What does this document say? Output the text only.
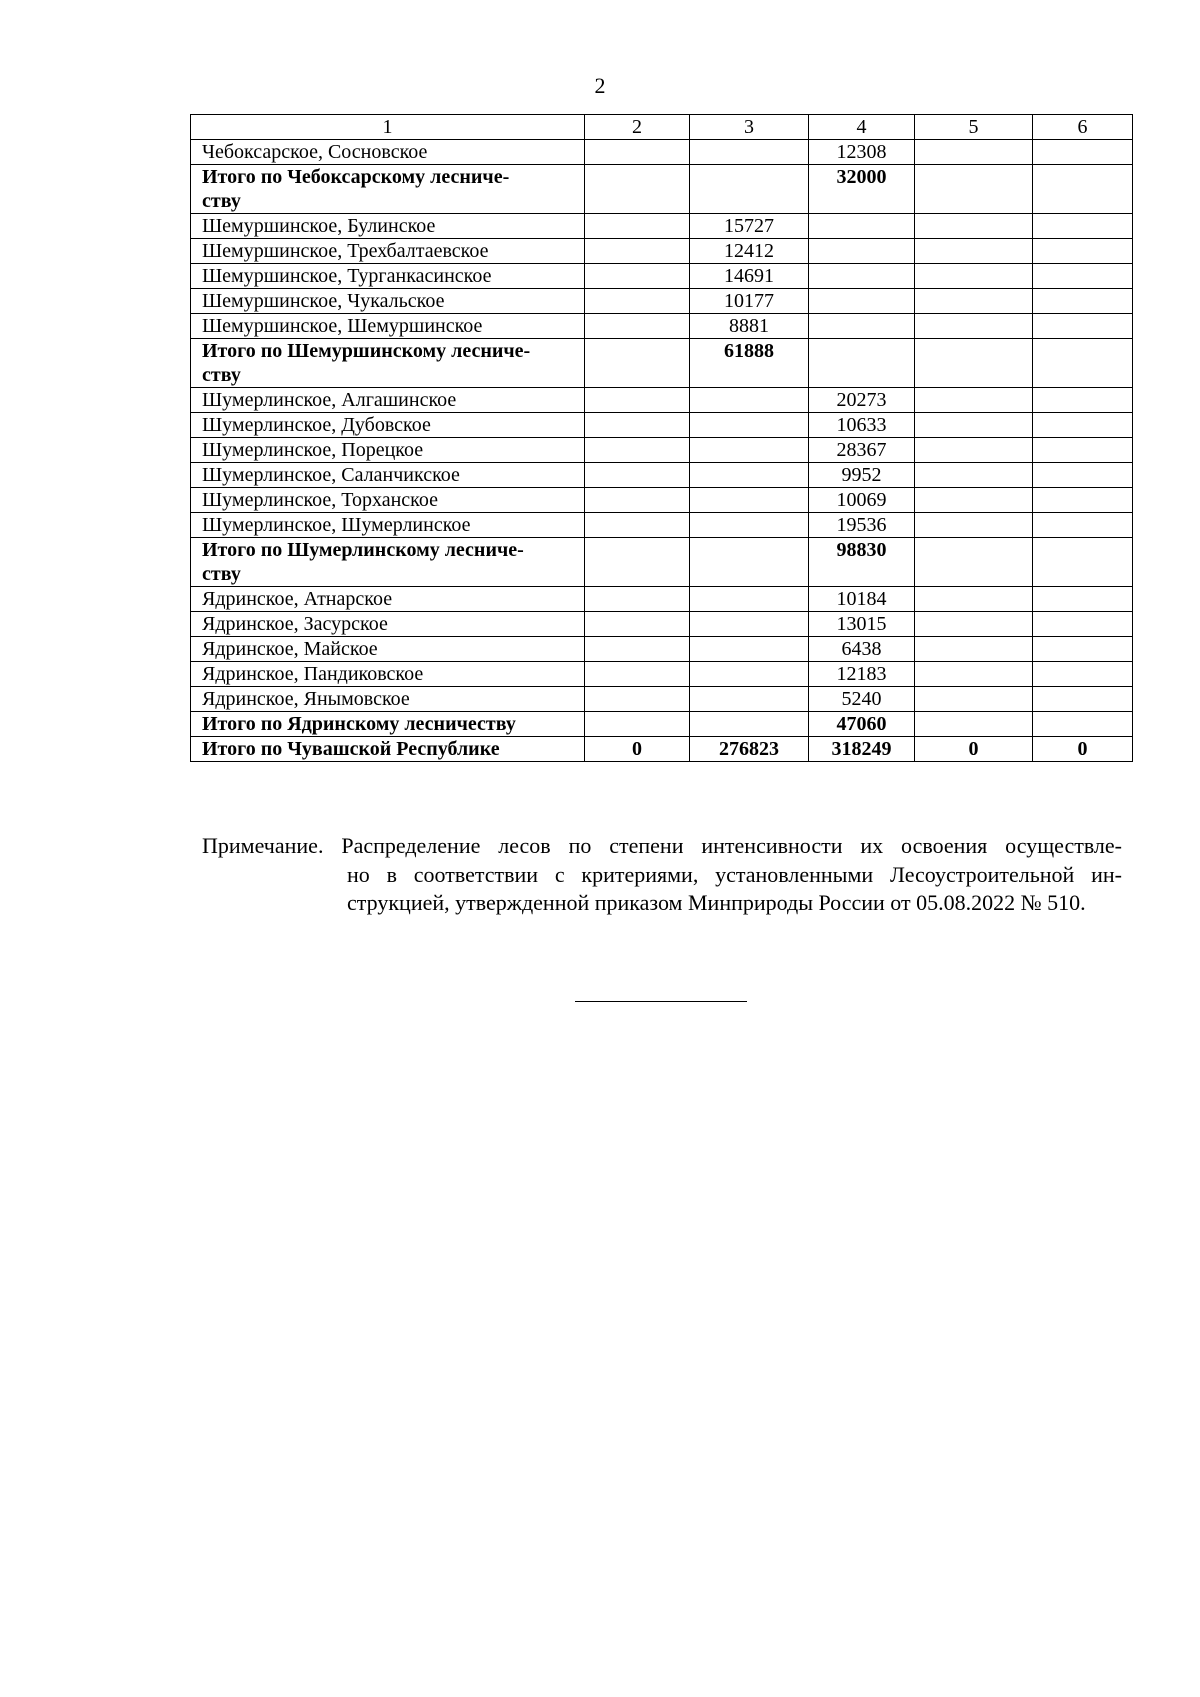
2
1	2	3	4	5	6
Чебоксарское, Сосновское			12308		
Итого по Чебоксарскому лесниче-
ству			32000		
Шемуршинское, Булинское		15727			
Шемуршинское, Трехбалтаевское		12412			
Шемуршинское, Турганкасинское		14691			
Шемуршинское, Чукальское		10177			
Шемуршинское, Шемуршинское		8881			
Итого по Шемуршинскому лесниче-
ству		61888			
Шумерлинское, Алгашинское			20273		
Шумерлинское, Дубовское			10633		
Шумерлинское, Порецкое			28367		
Шумерлинское, Саланчикское			9952		
Шумерлинское, Торханское			10069		
Шумерлинское, Шумерлинское			19536		
Итого по Шумерлинскому лесниче-
ству			98830		
Ядринское, Атнарское			10184		
Ядринское, Засурское			13015		
Ядринское, Майское			6438		
Ядринское, Пандиковское			12183		
Ядринское, Янымовское			5240		
Итого по Ядринскому лесничеству			47060		
Итого по Чувашской Республике	0	276823	318249	0	0
Примечание. Распределение лесов по степени интенсивности их освоения осуществле-
но в соответствии с критериями, установленными Лесоустроительной ин-струкцией, утвержденной приказом Минприроды России от 05.08.2022 № 510.
